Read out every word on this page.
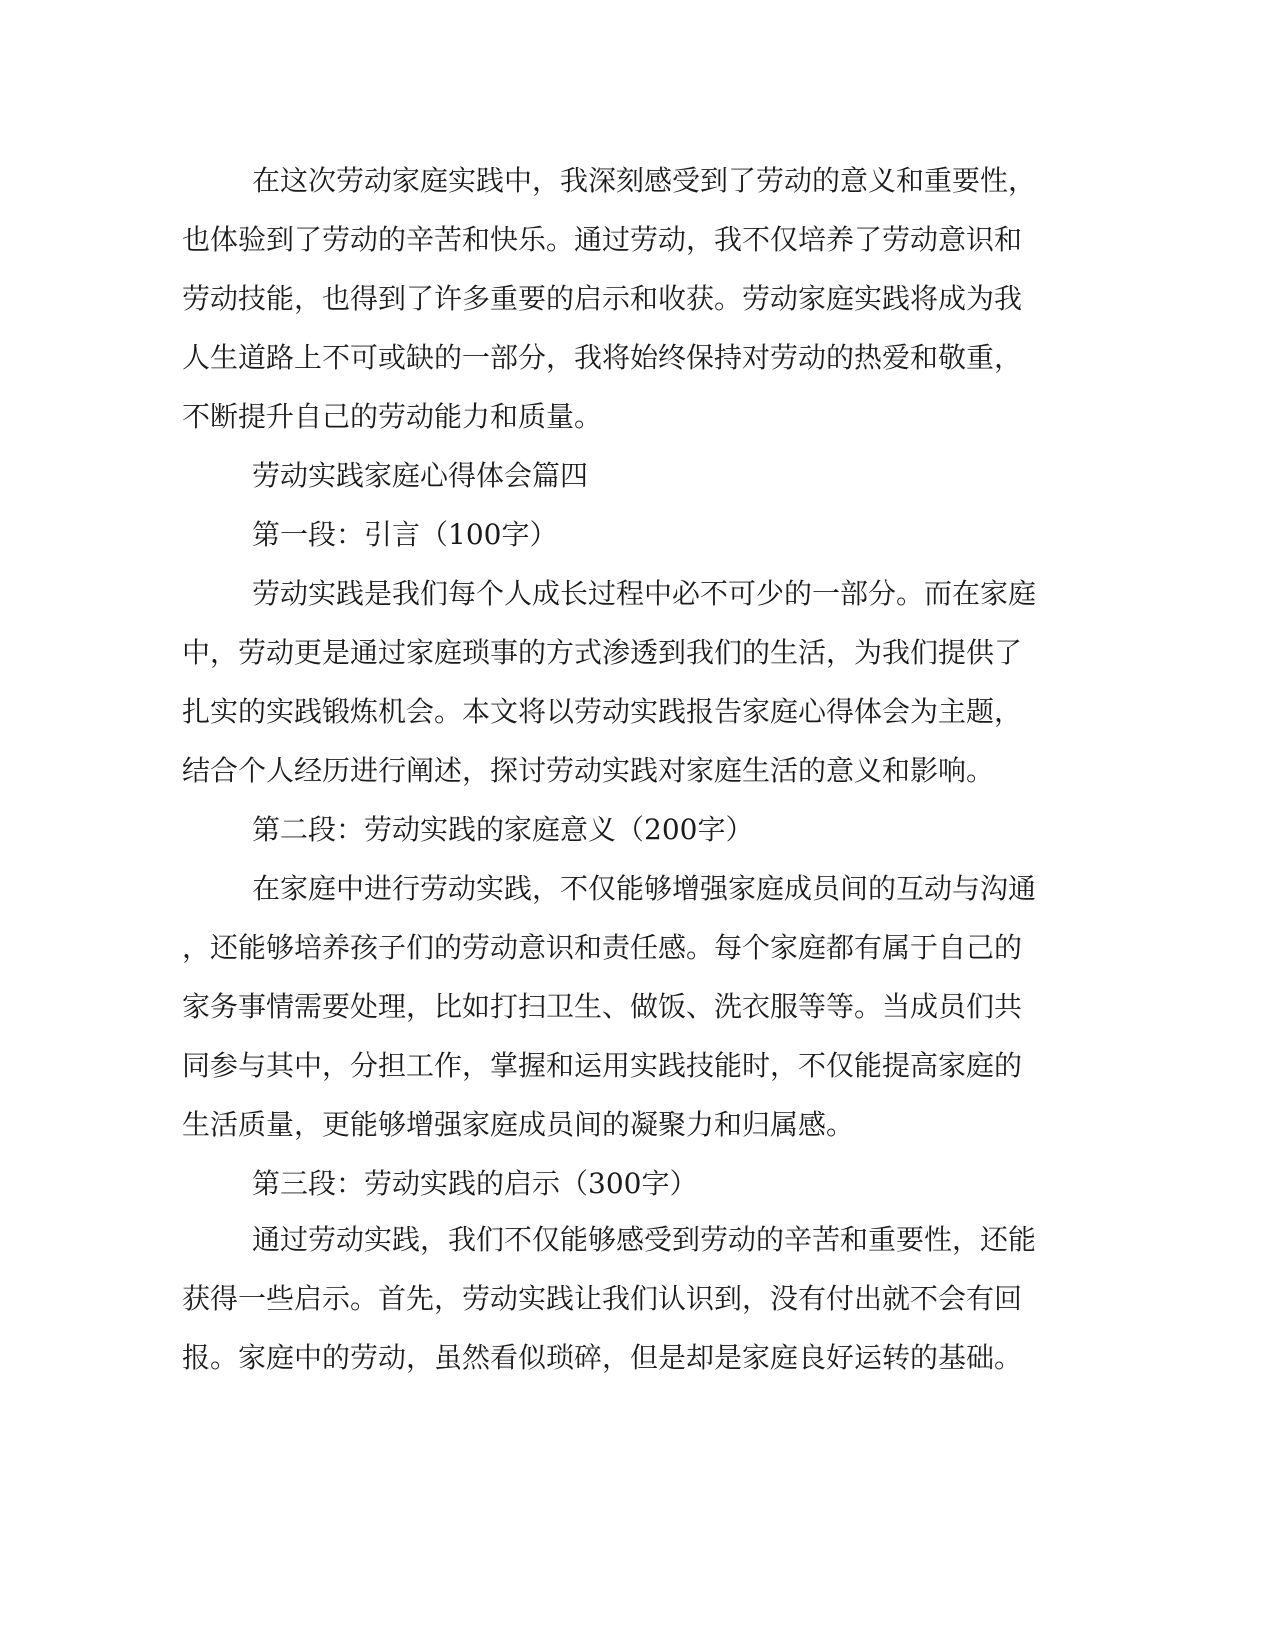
在这次劳动家庭实践中，我深刻感受到了劳动的意义和重要性，

也体验到了劳动的辛苦和快乐。通过劳动，我不仅培养了劳动意识和

劳动技能，也得到了许多重要的启示和收获。劳动家庭实践将成为我

人生道路上不可或缺的一部分，我将始终保持对劳动的热爱和敬重，

不断提升自己的劳动能力和质量。

劳动实践家庭心得体会篇四

第一段：引言（100字）

劳动实践是我们每个人成长过程中必不可少的一部分。而在家庭

中，劳动更是通过家庭琐事的方式渗透到我们的生活，为我们提供了

扎实的实践锻炼机会。本文将以劳动实践报告家庭心得体会为主题，

结合个人经历进行阐述，探讨劳动实践对家庭生活的意义和影响。

第二段：劳动实践的家庭意义（200字）

在家庭中进行劳动实践，不仅能够增强家庭成员间的互动与沟通

，还能够培养孩子们的劳动意识和责任感。每个家庭都有属于自己的

家务事情需要处理，比如打扫卫生、做饭、洗衣服等等。当成员们共

同参与其中，分担工作，掌握和运用实践技能时，不仅能提高家庭的

生活质量，更能够增强家庭成员间的凝聚力和归属感。

第三段：劳动实践的启示（300字）

通过劳动实践，我们不仅能够感受到劳动的辛苦和重要性，还能

获得一些启示。首先，劳动实践让我们认识到，没有付出就不会有回

报。家庭中的劳动，虽然看似琐碎，但是却是家庭良好运转的基础。
